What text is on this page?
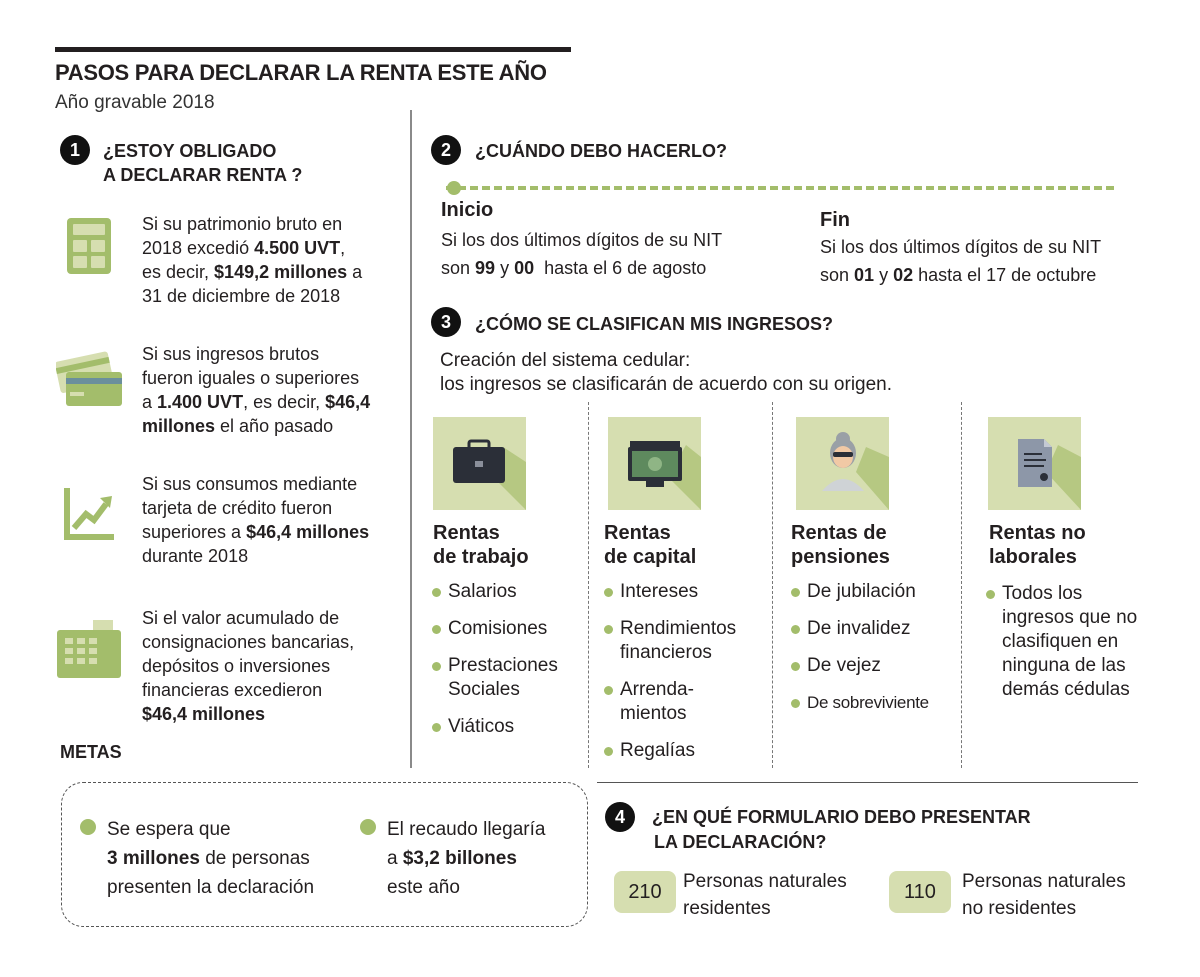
PASOS PARA DECLARAR LA RENTA ESTE AÑO
Año gravable 2018
1	¿ESTOY OBLIGADO
A DECLARAR RENTA ?
Si su patrimonio bruto en
2018 excedió 4.500 UVT,
es decir, $149,2 millones a
31 de diciembre de 2018
Si sus ingresos brutos
fueron iguales o superiores
a 1.400 UVT, es decir, $46,4
millones el año pasado
Si sus consumos mediante
tarjeta de crédito fueron
superiores a $46,4 millones
durante 2018
Si el valor acumulado de
consignaciones bancarias,
depósitos o inversiones
financieras excedieron
$46,4 millones
2	¿CUÁNDO DEBO HACERLO?
Inicio
Si los dos últimos dígitos de su NIT
son 99 y 00  hasta el 6 de agosto
Fin
Si los dos últimos dígitos de su NIT
son 01 y 02 hasta el 17 de octubre
3	¿CÓMO SE CLASIFICAN MIS INGRESOS?
Creación del sistema cedular:
los ingresos se clasificarán de acuerdo con su origen.
Rentas
de trabajo
Rentas
de capital
Rentas de
pensiones
Rentas no
laborales
Salarios
Comisiones
Prestaciones Sociales
Viáticos
Intereses
Rendimientos financieros
Arrenda-mientos
Regalías
De jubilación
De invalidez
De vejez
De sobreviviente
Todos los ingresos que no clasifiquen en ninguna de las demás cédulas
METAS
Se espera que
3 millones de personas
presenten la declaración
El recaudo llegaría
a $3,2 billones
este año
4	¿EN QUÉ FORMULARIO DEBO PRESENTAR
LA DECLARACIÓN?
210	Personas naturales
residentes
110	Personas naturales
no residentes
